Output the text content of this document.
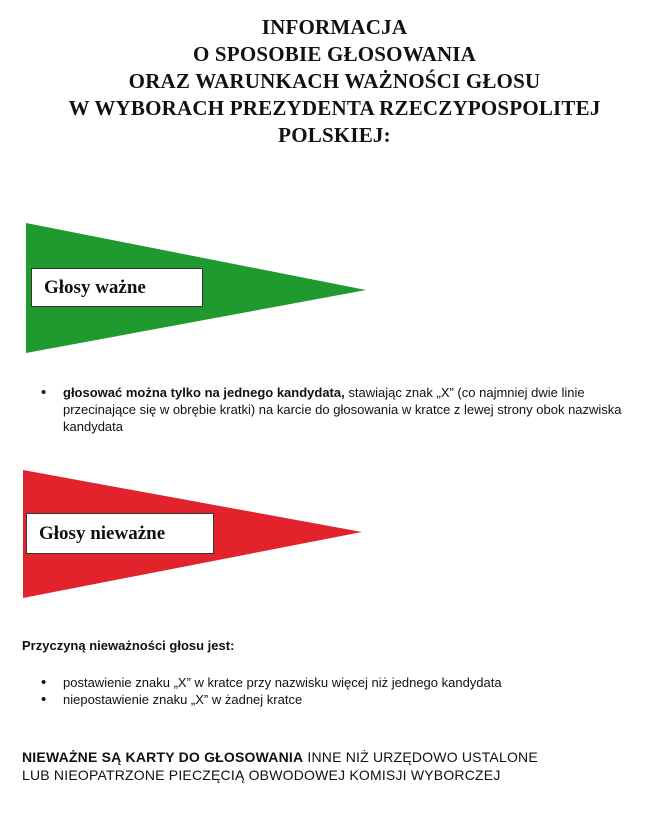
INFORMACJA
O SPOSOBIE GŁOSOWANIA
ORAZ WARUNKACH WAŻNOŚCI GŁOSU
W WYBORACH PREZYDENTA RZECZYPOSPOLITEJ
POLSKIEJ:
Głosy ważne
• głosować można tylko na jednego kandydata, stawiając znak „X” (co najmniej dwie linie przecinające się w obrębie kratki) na karcie do głosowania w kratce z lewej strony obok nazwiska kandydata
Głosy nieważne
Przyczyną nieważności głosu jest:
• postawienie znaku „X” w kratce przy nazwisku więcej niż jednego kandydata
• niepostawienie znaku „X” w żadnej kratce
NIEWAŻNE SĄ KARTY DO GŁOSOWANIA INNE NIŻ URZĘDOWO USTALONE
LUB NIEOPATRZONE PIECZĘCIĄ OBWODOWEJ KOMISJI WYBORCZEJ
